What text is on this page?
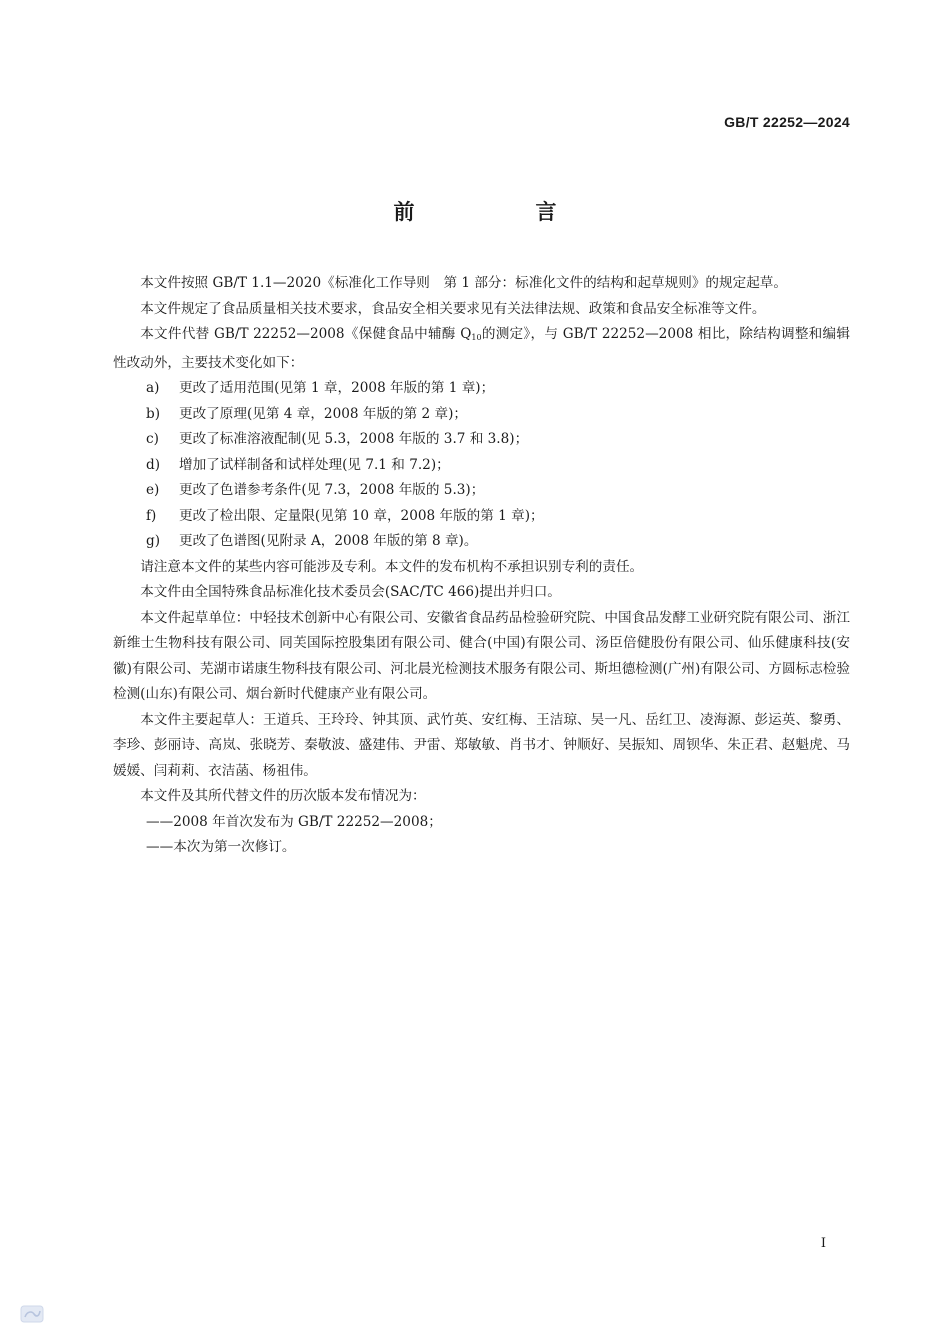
GB/T 22252—2024
前　言

本文件按照 GB/T 1.1—2020《标准化工作导则　第 1 部分：标准化文件的结构和起草规则》的规定起草。

本文件规定了食品质量相关技术要求，食品安全相关要求见有关法律法规、政策和食品安全标准等文件。

本文件代替 GB/T 22252—2008《保健食品中辅酶 $Q_{10}$的测定》，与 GB/T 22252—2008 相比，除结构调整和编辑性改动外，主要技术变化如下：

a) 更改了适用范围(见第 1 章，2008 年版的第 1 章)；

b) 更改了原理(见第 4 章，2008 年版的第 2 章)；

c) 更改了标准溶液配制(见 5.3，2008 年版的 3.7 和 3.8)；

d) 增加了试样制备和试样处理(见 7.1 和 7.2)；

e) 更改了色谱参考条件(见 7.3，2008 年版的 5.3)；

f) 更改了检出限、定量限(见第 10 章，2008 年版的第 1 章)；

g) 更改了色谱图(见附录 A，2008 年版的第 8 章)。

请注意本文件的某些内容可能涉及专利。本文件的发布机构不承担识别专利的责任。

本文件由全国特殊食品标准化技术委员会(SAC/TC 466)提出并归口。

本文件起草单位：中轻技术创新中心有限公司、安徽省食品药品检验研究院、中国食品发酵工业研究院有限公司、浙江新维士生物科技有限公司、同芙国际控股集团有限公司、健合(中国)有限公司、汤臣倍健股份有限公司、仙乐健康科技(安徽)有限公司、芜湖市诺康生物科技有限公司、河北晨光检测技术服务有限公司、斯坦德检测(广州)有限公司、方圆标志检验检测(山东)有限公司、烟台新时代健康产业有限公司。

本文件主要起草人：王道兵、王玲玲、钟其顶、武竹英、安红梅、王洁琼、吴一凡、岳红卫、凌海源、彭运英、黎勇、李珍、彭丽诗、高岚、张晓芳、秦敬波、盛建伟、尹雷、郑敏敏、肖书才、钟顺好、吴振知、周钡华、朱正君、赵魁虎、马媛媛、闫莉莉、衣洁菡、杨祖伟。

本文件及其所代替文件的历次版本发布情况为：

——2008 年首次发布为 GB/T 22252—2008；

——本次为第一次修订。

I
